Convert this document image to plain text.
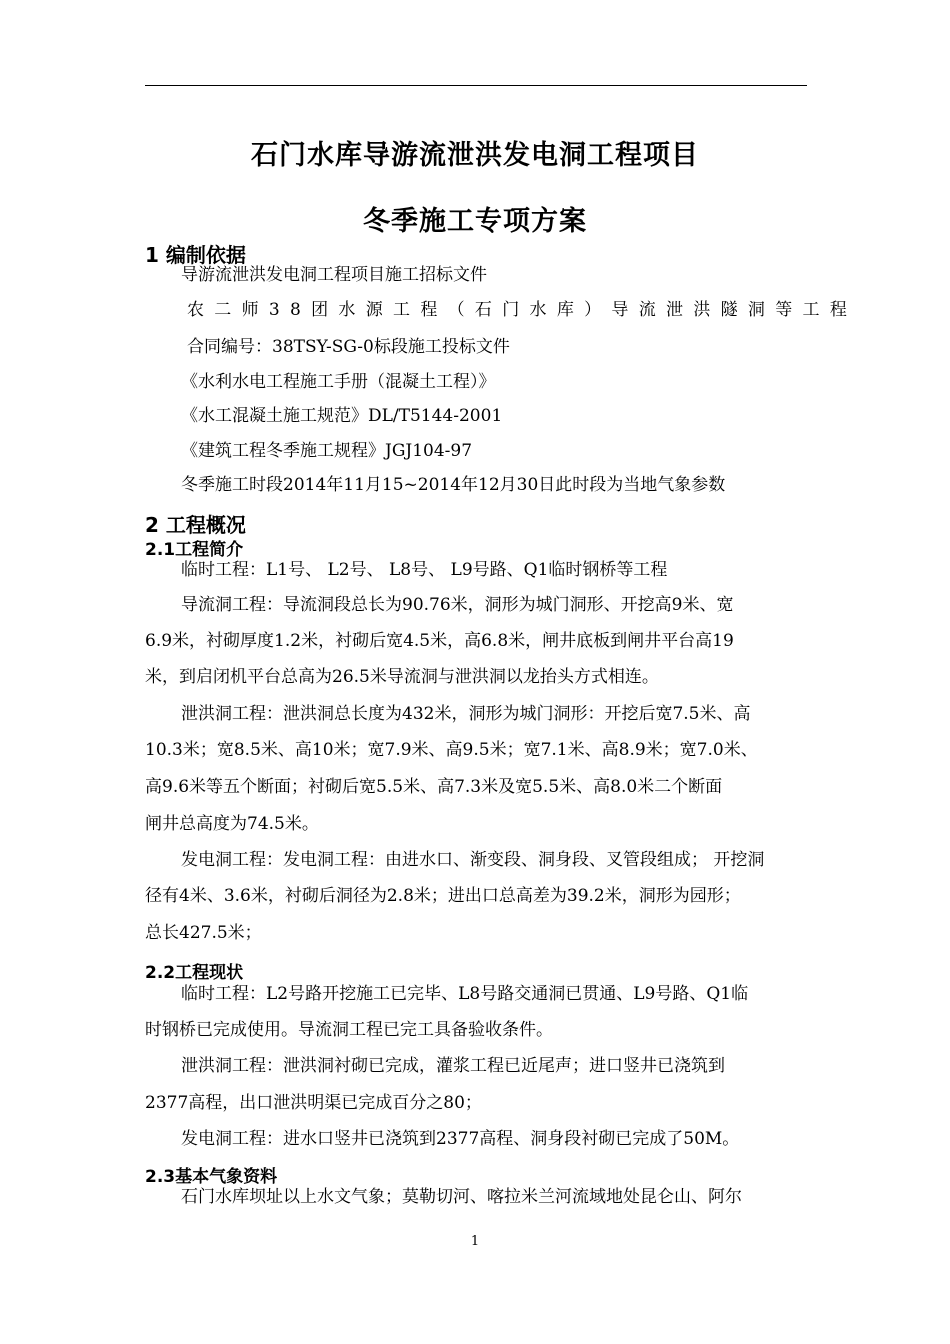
石门水库导游流泄洪发电洞工程项目
冬季施工专项方案
1 编制依据
导游流泄洪发电洞工程项目施工招标文件
农二师38团水源工程（石门水库）导流泄洪隧洞等工程
合同编号：38TSY-SG-0标段施工投标文件
《水利水电工程施工手册（混凝土工程）》
《水工混凝土施工规范》DL/T5144-2001
《建筑工程冬季施工规程》JGJ104-97
冬季施工时段2014年11月15~2014年12月30日此时段为当地气象参数
2 工程概况
2.1工程简介
临时工程：L1号、 L2号、 L8号、 L9号路、Q1临时钢桥等工程
导流洞工程：导流洞段总长为90.76米，洞形为城门洞形、开挖高9米、宽
6.9米，衬砌厚度1.2米，衬砌后宽4.5米，高6.8米，闸井底板到闸井平台高19
米，到启闭机平台总高为26.5米导流洞与泄洪洞以龙抬头方式相连。
泄洪洞工程：泄洪洞总长度为432米，洞形为城门洞形：开挖后宽7.5米、高
10.3米；宽8.5米、高10米；宽7.9米、高9.5米；宽7.1米、高8.9米；宽7.0米、
高9.6米等五个断面；衬砌后宽5.5米、高7.3米及宽5.5米、高8.0米二个断面
闸井总高度为74.5米。
发电洞工程：发电洞工程：由进水口、渐变段、洞身段、叉管段组成； 开挖洞
径有4米、3.6米，衬砌后洞径为2.8米；进出口总高差为39.2米，洞形为园形；
总长427.5米；
2.2工程现状
临时工程：L2号路开挖施工已完毕、L8号路交通洞已贯通、L9号路、Q1临
时钢桥已完成使用。导流洞工程已完工具备验收条件。
泄洪洞工程：泄洪洞衬砌已完成，灌浆工程已近尾声；进口竖井已浇筑到
2377高程，出口泄洪明渠已完成百分之80；
发电洞工程：进水口竖井已浇筑到2377高程、洞身段衬砌已完成了50M。
2.3基本气象资料
石门水库坝址以上水文气象；莫勒切河、喀拉米兰河流域地处昆仑山、阿尔
1
